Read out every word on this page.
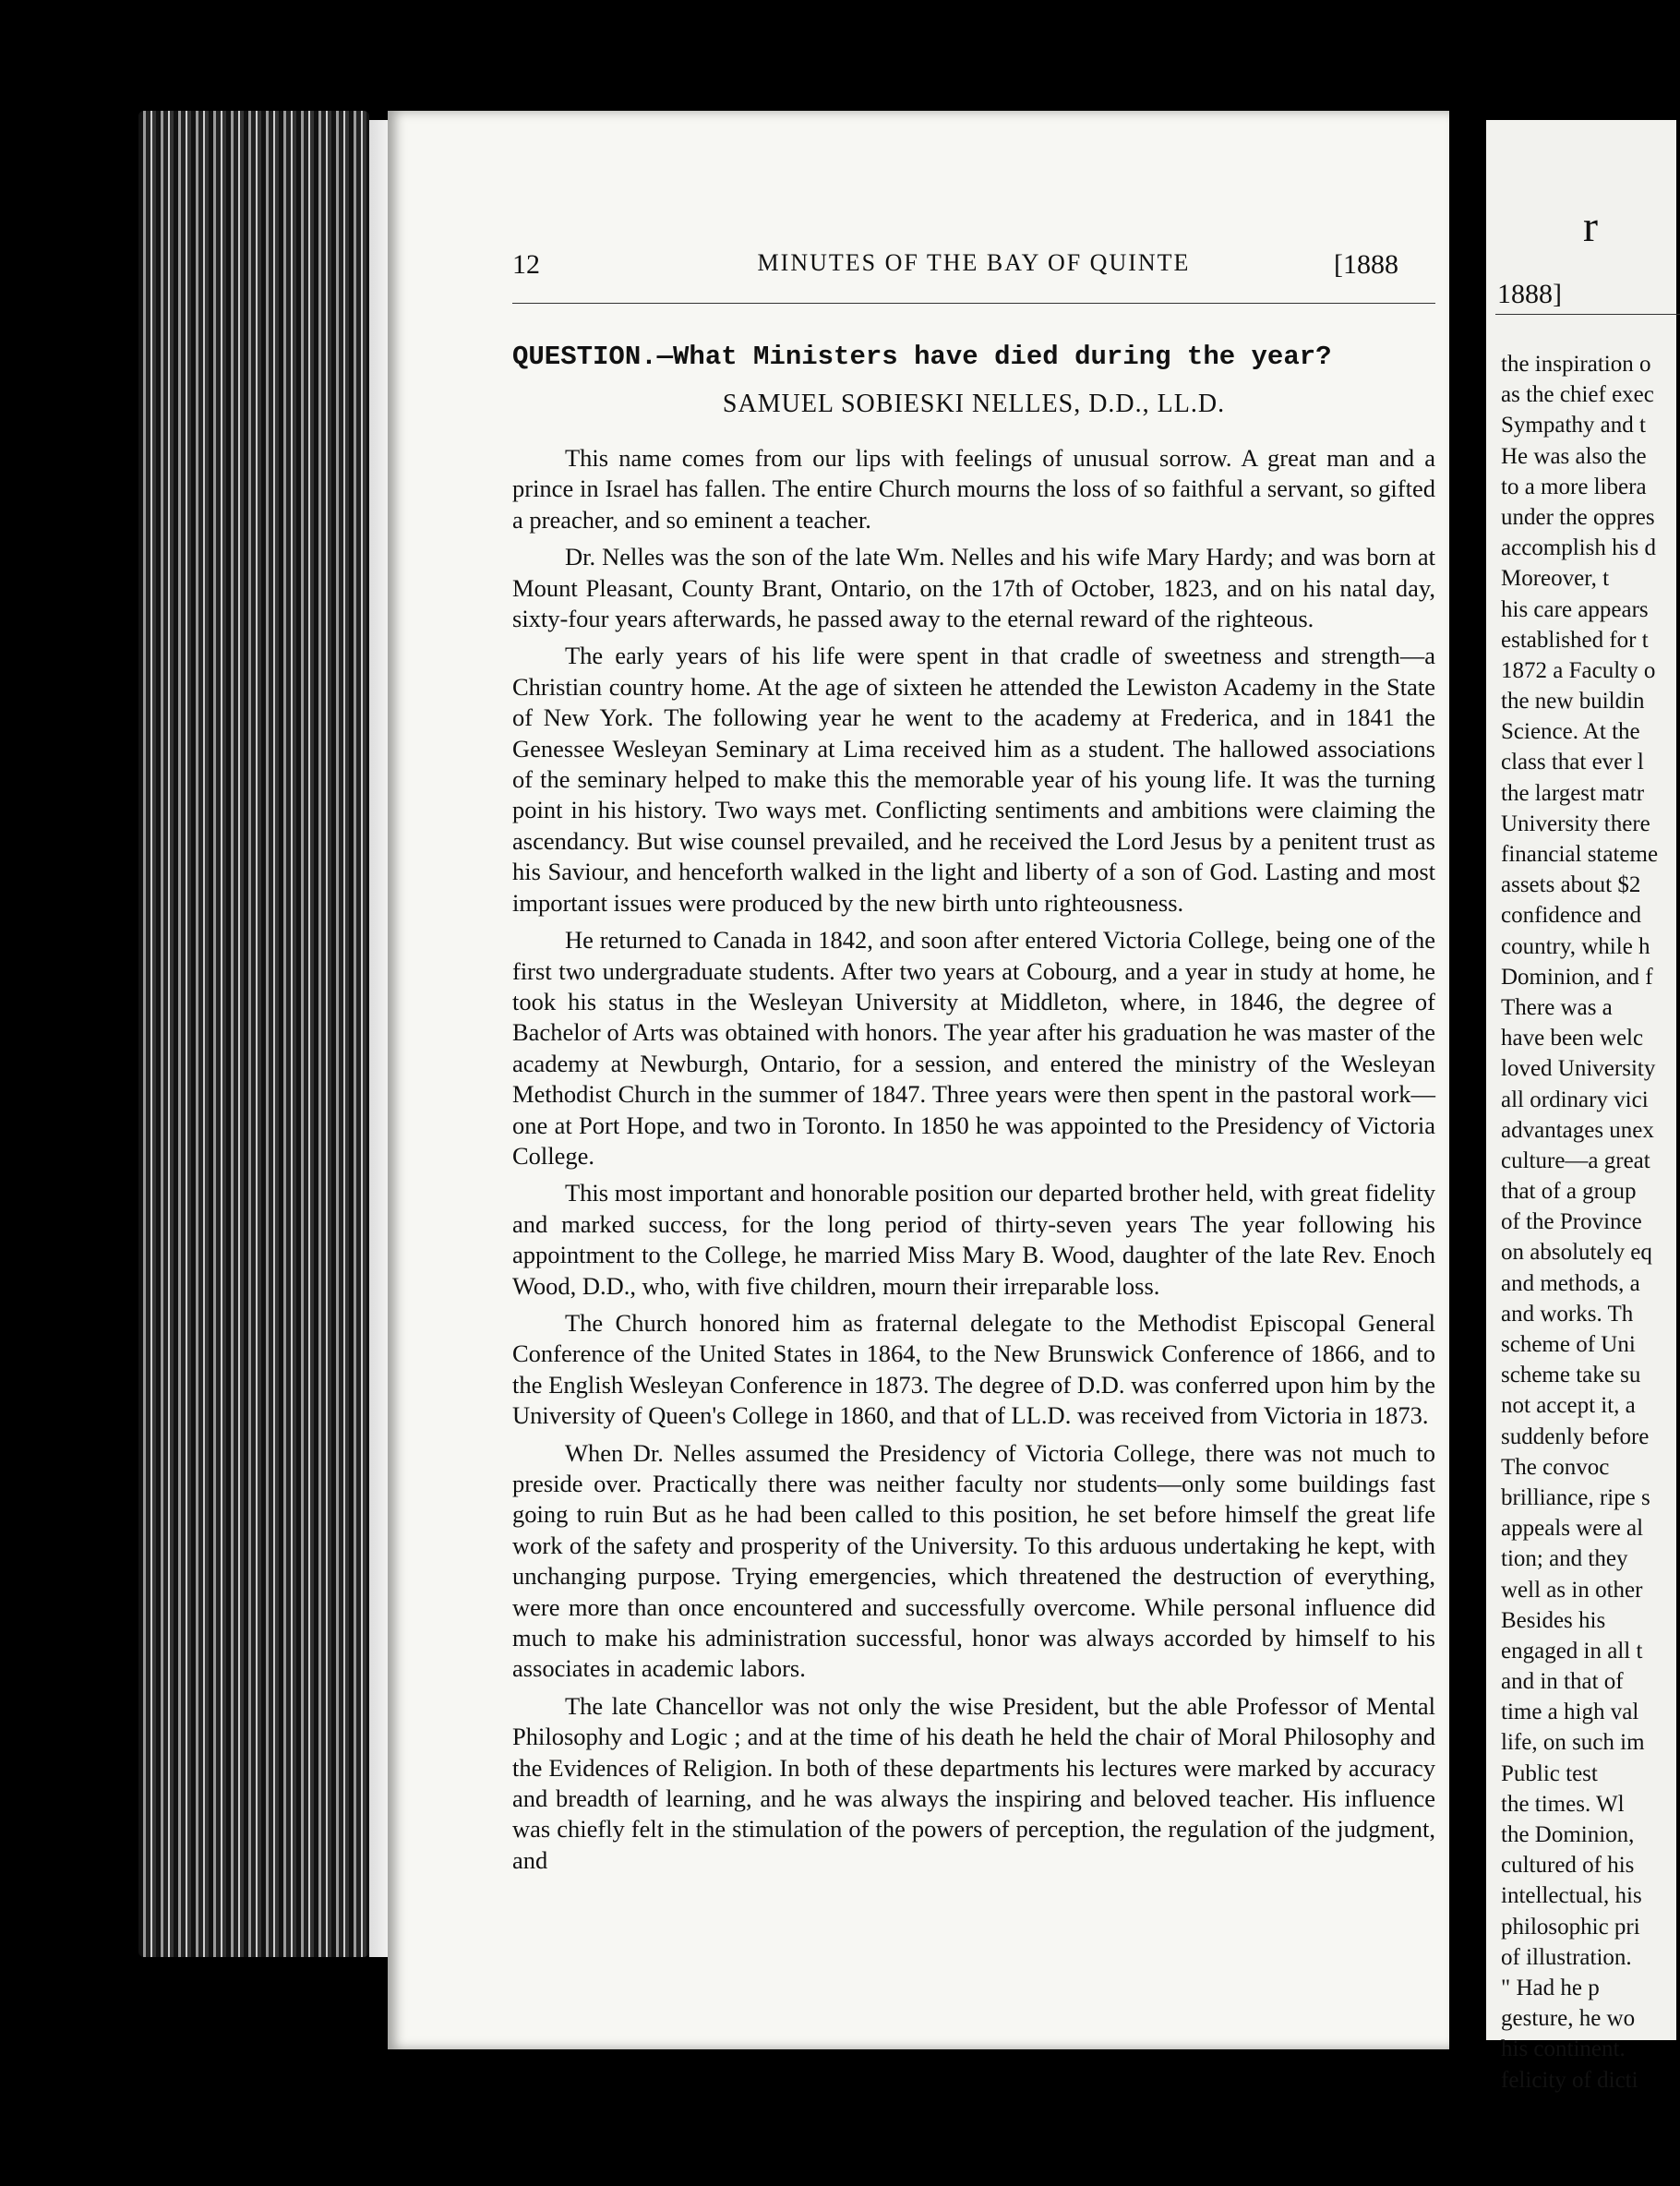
MINUTES OF THE BAY OF QUINTE
12	[1888
QUESTION.—What Ministers have died during the year?
SAMUEL SOBIESKI NELLES, D.D., LL.D.

This name comes from our lips with feelings of unusual sorrow. A great man and a prince in Israel has fallen. The entire Church mourns the loss of so faithful a servant, so gifted a preacher, and so eminent a teacher.

Dr. Nelles was the son of the late Wm. Nelles and his wife Mary Hardy; and was born at Mount Pleasant, County Brant, Ontario, on the 17th of October, 1823, and on his natal day, sixty-four years afterwards, he passed away to the eternal reward of the righteous.

The early years of his life were spent in that cradle of sweetness and strength—a Christian country home. At the age of sixteen he attended the Lewiston Academy in the State of New York. The following year he went to the academy at Frederica, and in 1841 the Genessee Wesleyan Seminary at Lima received him as a student. The hallowed associations of the seminary helped to make this the memorable year of his young life. It was the turning point in his history. Two ways met. Conflicting sentiments and ambitions were claiming the ascendancy. But wise counsel prevailed, and he received the Lord Jesus by a penitent trust as his Saviour, and henceforth walked in the light and liberty of a son of God. Lasting and most important issues were produced by the new birth unto righteousness.

He returned to Canada in 1842, and soon after entered Victoria College, being one of the first two undergraduate students. After two years at Cobourg, and a year in study at home, he took his status in the Wesleyan University at Middleton, where, in 1846, the degree of Bachelor of Arts was obtained with honors. The year after his graduation he was master of the academy at Newburgh, Ontario, for a session, and entered the ministry of the Wesleyan Methodist Church in the summer of 1847. Three years were then spent in the pastoral work—one at Port Hope, and two in Toronto. In 1850 he was appointed to the Presidency of Victoria College.

This most important and honorable position our departed brother held, with great fidelity and marked success, for the long period of thirty-seven years The year following his appointment to the College, he married Miss Mary B. Wood, daughter of the late Rev. Enoch Wood, D.D., who, with five children, mourn their irreparable loss.

The Church honored him as fraternal delegate to the Methodist Episcopal General Conference of the United States in 1864, to the New Brunswick Conference of 1866, and to the English Wesleyan Conference in 1873. The degree of D.D. was conferred upon him by the University of Queen's College in 1860, and that of LL.D. was received from Victoria in 1873.

When Dr. Nelles assumed the Presidency of Victoria College, there was not much to preside over. Practically there was neither faculty nor students—only some buildings fast going to ruin But as he had been called to this position, he set before himself the great life work of the safety and prosperity of the University. To this arduous undertaking he kept, with unchanging purpose. Trying emergencies, which threatened the destruction of everything, were more than once encountered and successfully overcome. While personal influence did much to make his administration successful, honor was always accorded by himself to his associates in academic labors.

The late Chancellor was not only the wise President, but the able Professor of Mental Philosophy and Logic ; and at the time of his death he held the chair of Moral Philosophy and the Evidences of Religion. In both of these departments his lectures were marked by accuracy and breadth of learning, and he was always the inspiring and beloved teacher. His influence was chiefly felt in the stimulation of the powers of perception, the regulation of the judgment, and

r
1888]
the inspiration o
as the chief exec
Sympathy and t
He was also the
to a more libera
under the oppres
accomplish his d
Moreover, t
his care appears
established for t
1872 a Faculty o
the new buildin
Science. At the
class that ever l
the largest matr
University there
financial stateme
assets about $2
confidence and
country, while h
Dominion, and f
There was a
have been welc
loved University
all ordinary vici
advantages unex
culture—a great
that of a group
of the Province
on absolutely eq
and methods, a
and works. Th
scheme of Uni
scheme take su
not accept it, a
suddenly before
The convoc
brilliance, ripe s
appeals were al
tion; and they
well as in other
Besides his
engaged in all t
and in that of
time a high val
life, on such im
Public test
the times. Wl
the Dominion,
cultured of his
intellectual, his
philosophic pri
of illustration.
" Had he p
gesture, he wo
his continent.
felicity of dicti
